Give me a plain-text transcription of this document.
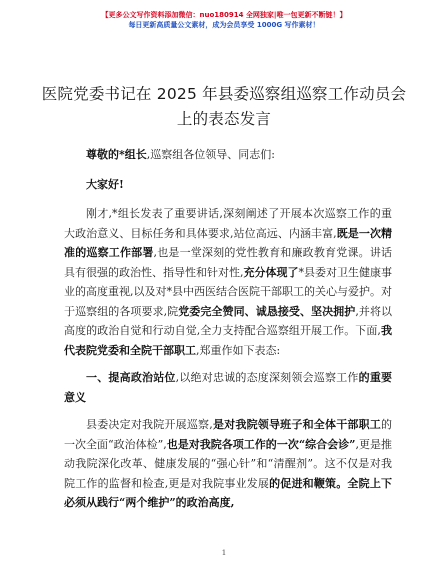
【更多公文写作资料添加微信：nuo180914 全网独家|唯一包更新不断链！】
每日更新高质量公文素材，成为会员享受 1000G 写作素材！
医院党委书记在 2025 年县委巡察组巡察工作动员会上的表态发言

尊敬的*组长,巡察组各位领导、同志们:

大家好!

刚才,*组长发表了重要讲话,深刻阐述了开展本次巡察工作的重大政治意义、目标任务和具体要求,站位高远、内涵丰富,既是一次精准的巡察工作部署,也是一堂深刻的党性教育和廉政教育党课。讲话具有很强的政治性、指导性和针对性,充分体现了*县委对卫生健康事业的高度重视,以及对*县中西医结合医院干部职工的关心与爱护。对于巡察组的各项要求,院党委完全赞同、诚恳接受、坚决拥护,并将以高度的政治自觉和行动自觉,全力支持配合巡察组开展工作。下面,我代表院党委和全院干部职工,郑重作如下表态:

一、提高政治站位,以绝对忠诚的态度深刻领会巡察工作的重要意义

县委决定对我院开展巡察,是对我院领导班子和全体干部职工的一次全面“政治体检”,也是对我院各项工作的一次“综合会诊”,更是推动我院深化改革、健康发展的“强心针”和“清醒剂”。这不仅是对我院工作的监督和检查,更是对我院事业发展的促进和鞭策。全院上下必须从践行“两个维护”的政治高度,

1
